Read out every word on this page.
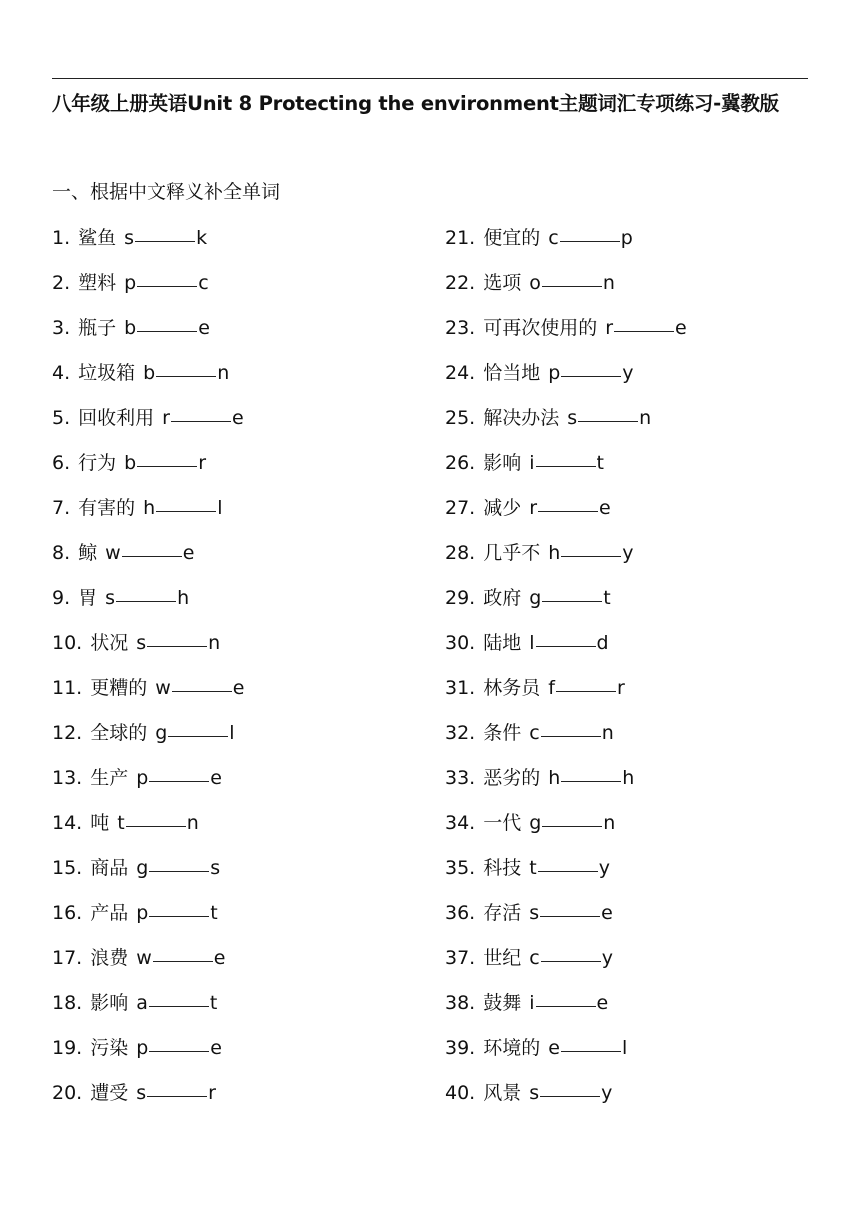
八年级上册英语Unit 8 Protecting the environment主题词汇专项练习-冀教版
一、根据中文释义补全单词
1. 鲨鱼 s	k
2. 塑料 p	c
3. 瓶子 b	e
4. 垃圾箱 b	n
5. 回收利用 r	e
6. 行为 b	r
7. 有害的 h	l
8. 鲸 w	e
9. 胃 s	h
10. 状况 s	n
11. 更糟的 w	e
12. 全球的 g	l
13. 生产 p	e
14. 吨 t	n
15. 商品 g	s
16. 产品 p	t
17. 浪费 w	e
18. 影响 a	t
19. 污染 p	e
20. 遭受 s	r
21. 便宜的 c	p
22. 选项 o	n
23. 可再次使用的 r	e
24. 恰当地 p	y
25. 解决办法 s	n
26. 影响 i	t
27. 减少 r	e
28. 几乎不 h	y
29. 政府 g	t
30. 陆地 l	d
31. 林务员 f	r
32. 条件 c	n
33. 恶劣的 h	h
34. 一代 g	n
35. 科技 t	y
36. 存活 s	e
37. 世纪 c	y
38. 鼓舞 i	e
39. 环境的 e	l
40. 风景 s	y
